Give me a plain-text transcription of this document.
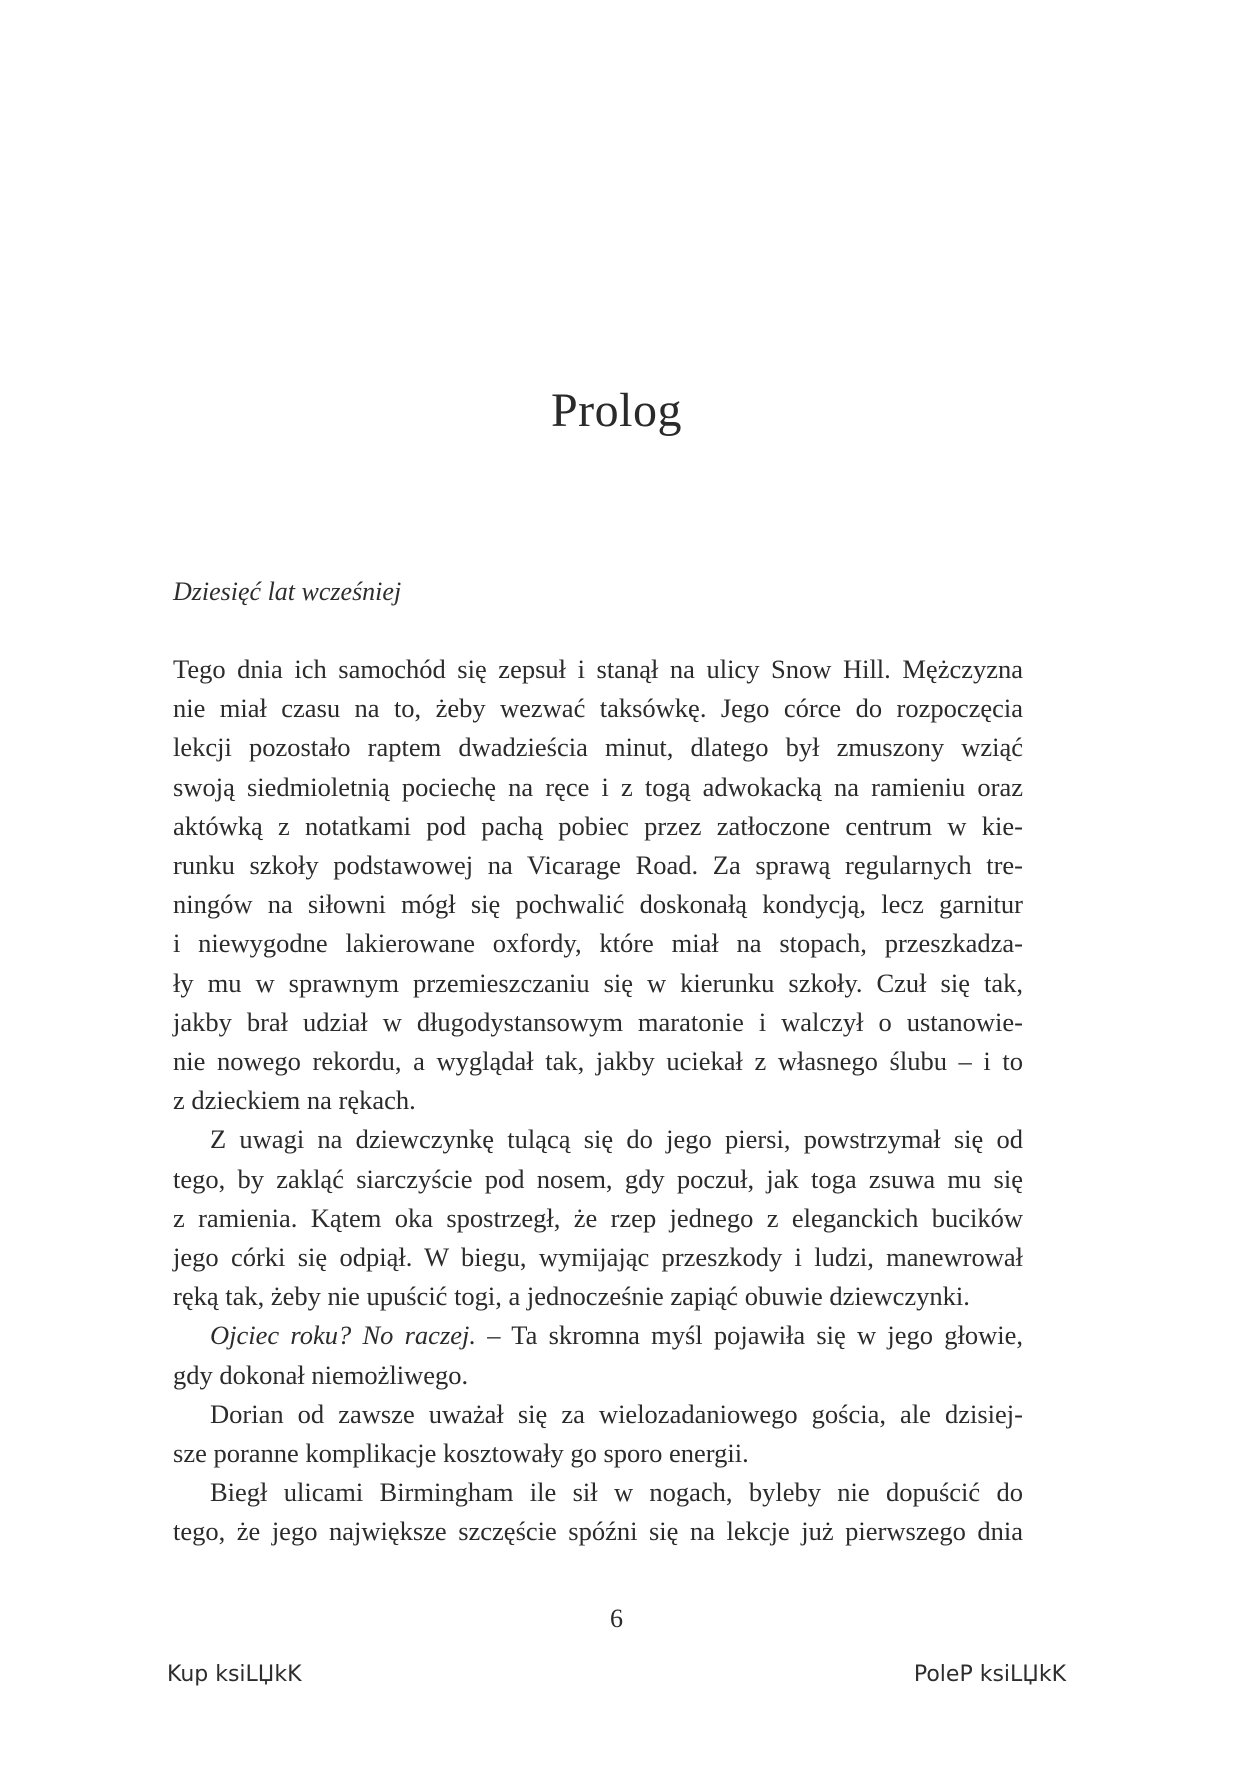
Prolog

Dziesięć lat wcześniej

Tego dnia ich samochód się zepsuł i stanął na ulicy Snow Hill. Mężczyzna
nie miał czasu na to, żeby wezwać taksówkę. Jego córce do rozpoczęcia
lekcji pozostało raptem dwadzieścia minut, dlatego był zmuszony wziąć
swoją siedmioletnią pociechę na ręce i z togą adwokacką na ramieniu oraz
aktówką z notatkami pod pachą pobiec przez zatłoczone centrum w kie-
runku szkoły podstawowej na Vicarage Road. Za sprawą regularnych tre-
ningów na siłowni mógł się pochwalić doskonałą kondycją, lecz garnitur
i niewygodne lakierowane oxfordy, które miał na stopach, przeszkadza-
ły mu w sprawnym przemieszczaniu się w kierunku szkoły. Czuł się tak,
jakby brał udział w długodystansowym maratonie i walczył o ustanowie-
nie nowego rekordu, a wyglądał tak, jakby uciekał z własnego ślubu – i to
z dzieckiem na rękach.
Z uwagi na dziewczynkę tulącą się do jego piersi, powstrzymał się od
tego, by zakląć siarczyście pod nosem, gdy poczuł, jak toga zsuwa mu się
z ramienia. Kątem oka spostrzegł, że rzep jednego z eleganckich bucików
jego córki się odpiął. W biegu, wymijając przeszkody i ludzi, manewrował
ręką tak, żeby nie upuścić togi, a jednocześnie zapiąć obuwie dziewczynki.
Ojciec roku? No raczej. – Ta skromna myśl pojawiła się w jego głowie,
gdy dokonał niemożliwego.
Dorian od zawsze uważał się za wielozadaniowego gościa, ale dzisiej-
sze poranne komplikacje kosztowały go sporo energii.
Biegł ulicami Birmingham ile sił w nogach, byleby nie dopuścić do
tego, że jego największe szczęście spóźni się na lekcje już pierwszego dnia
6
Kup ksiLЏkK	PoleP ksiLЏkK
